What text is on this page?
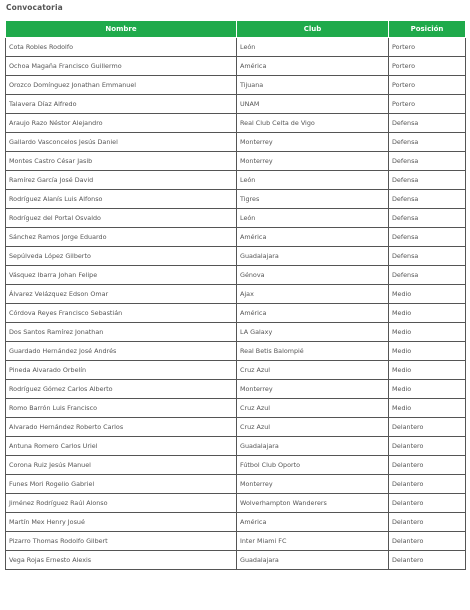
Convocatoria
Nombre	Club	Posición
Cota Robles Rodolfo	León	Portero
Ochoa Magaña Francisco Guillermo	América	Portero
Orozco Domínguez Jonathan Emmanuel	Tijuana	Portero
Talavera Díaz Alfredo	UNAM	Portero
Araujo Razo Néstor Alejandro	Real Club Celta de Vigo	Defensa
Gallardo Vasconcelos Jesús Daniel	Monterrey	Defensa
Montes Castro César Jasib	Monterrey	Defensa
Ramírez García José David	León	Defensa
Rodríguez Alanís Luis Alfonso	Tigres	Defensa
Rodríguez del Portal Osvaldo	León	Defensa
Sánchez Ramos Jorge Eduardo	América	Defensa
Sepúlveda López Gilberto	Guadalajara	Defensa
Vásquez Ibarra Johan Felipe	Génova	Defensa
Álvarez Velázquez Edson Omar	Ajax	Medio
Córdova Reyes Francisco Sebastián	América	Medio
Dos Santos Ramírez Jonathan	LA Galaxy	Medio
Guardado Hernández José Andrés	Real Betis Balompié	Medio
Pineda Alvarado Orbelín	Cruz Azul	Medio
Rodríguez Gómez Carlos Alberto	Monterrey	Medio
Romo Barrón Luis Francisco	Cruz Azul	Medio
Alvarado Hernández Roberto Carlos	Cruz Azul	Delantero
Antuna Romero Carlos Uriel	Guadalajara	Delantero
Corona Ruiz Jesús Manuel	Fútbol Club Oporto	Delantero
Funes Mori Rogelio Gabriel	Monterrey	Delantero
Jiménez Rodríguez Raúl Alonso	Wolverhampton Wanderers	Delantero
Martín Mex Henry Josué	América	Delantero
Pizarro Thomas Rodolfo Gilbert	Inter Miami FC	Delantero
Vega Rojas Ernesto Alexis	Guadalajara	Delantero
